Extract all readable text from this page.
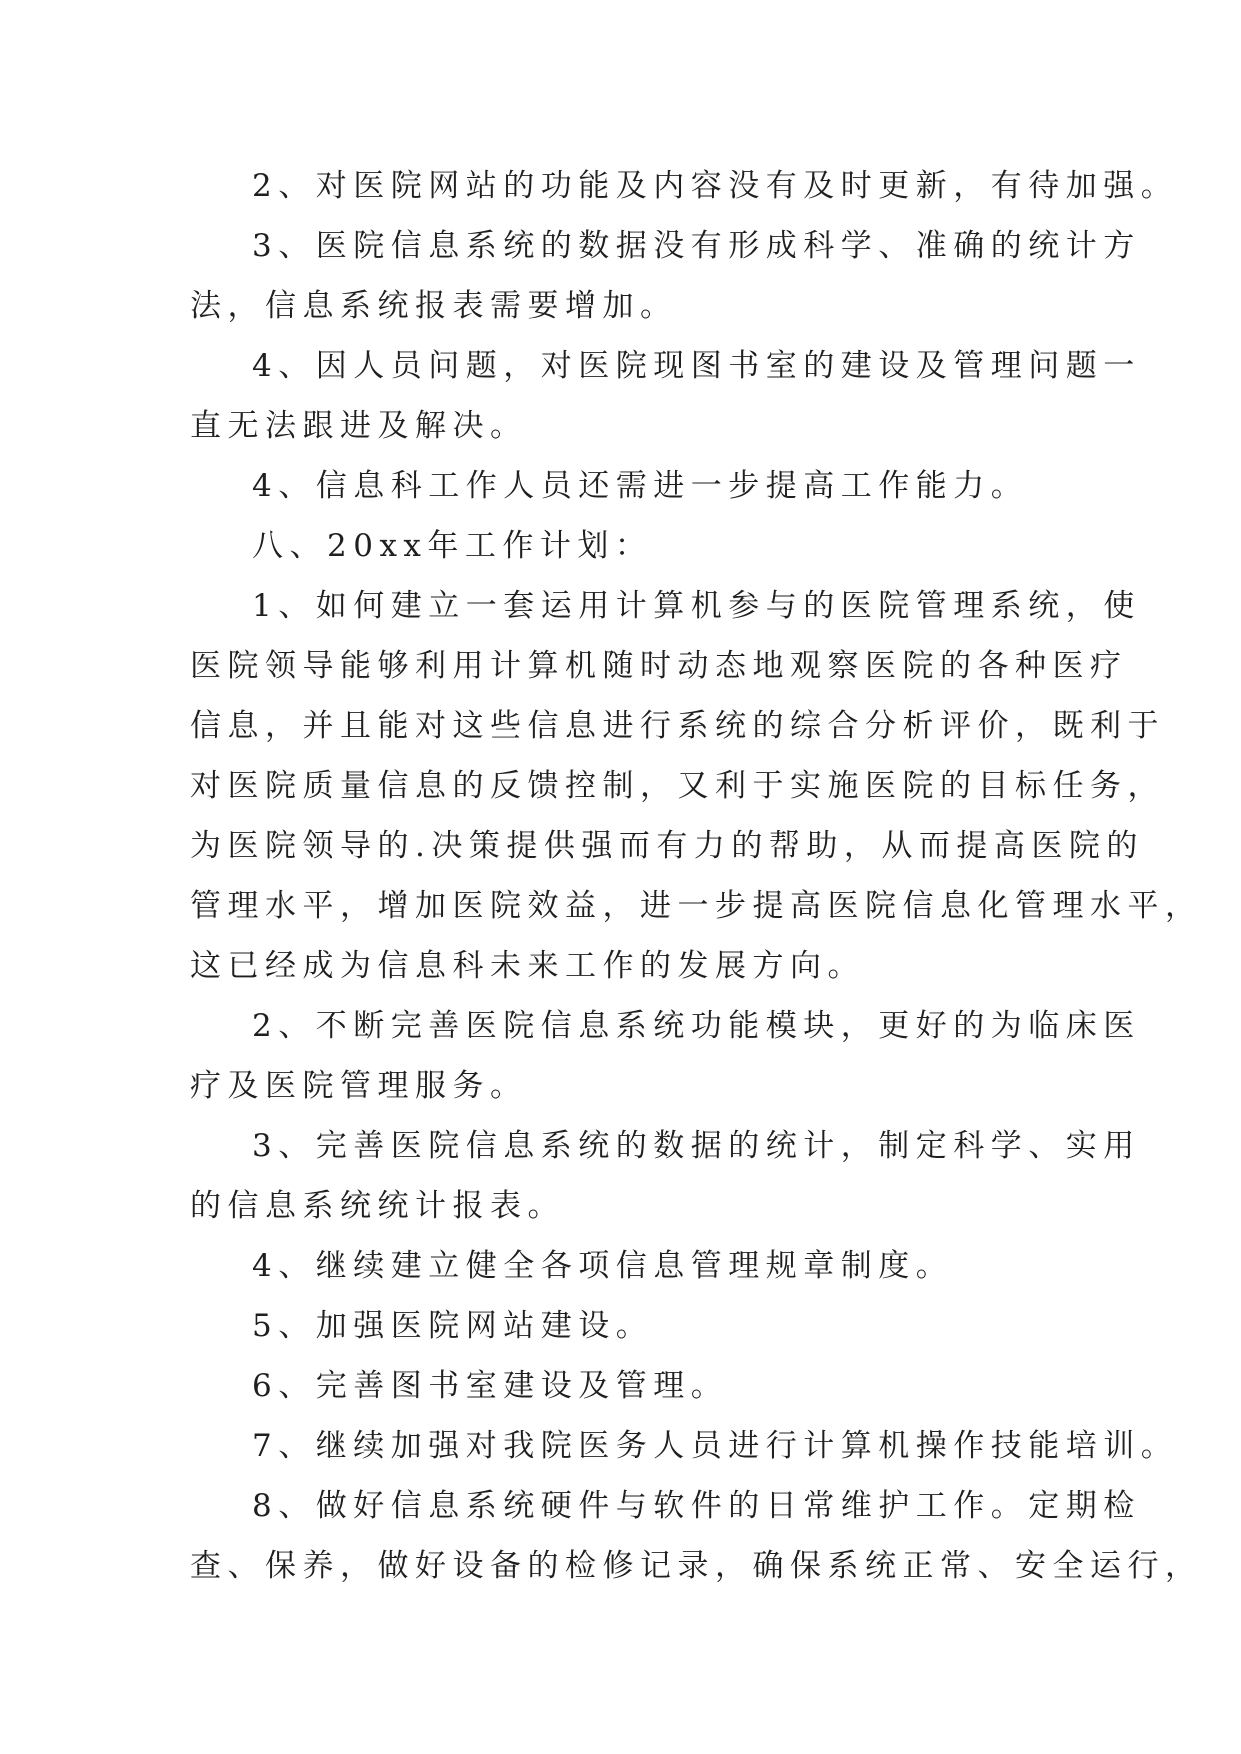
2、对医院网站的功能及内容没有及时更新，有待加强。
3、医院信息系统的数据没有形成科学、准确的统计方
法，信息系统报表需要增加。
4、因人员问题，对医院现图书室的建设及管理问题一
直无法跟进及解决。
4、信息科工作人员还需进一步提高工作能力。
八、20xx年工作计划：
1、如何建立一套运用计算机参与的医院管理系统，使
医院领导能够利用计算机随时动态地观察医院的各种医疗
信息，并且能对这些信息进行系统的综合分析评价，既利于
对医院质量信息的反馈控制，又利于实施医院的目标任务，
为医院领导的.决策提供强而有力的帮助，从而提高医院的
管理水平，增加医院效益，进一步提高医院信息化管理水平，
这已经成为信息科未来工作的发展方向。
2、不断完善医院信息系统功能模块，更好的为临床医
疗及医院管理服务。
3、完善医院信息系统的数据的统计，制定科学、实用
的信息系统统计报表。
4、继续建立健全各项信息管理规章制度。
5、加强医院网站建设。
6、完善图书室建设及管理。
7、继续加强对我院医务人员进行计算机操作技能培训。
8、做好信息系统硬件与软件的日常维护工作。定期检
查、保养，做好设备的检修记录，确保系统正常、安全运行，
